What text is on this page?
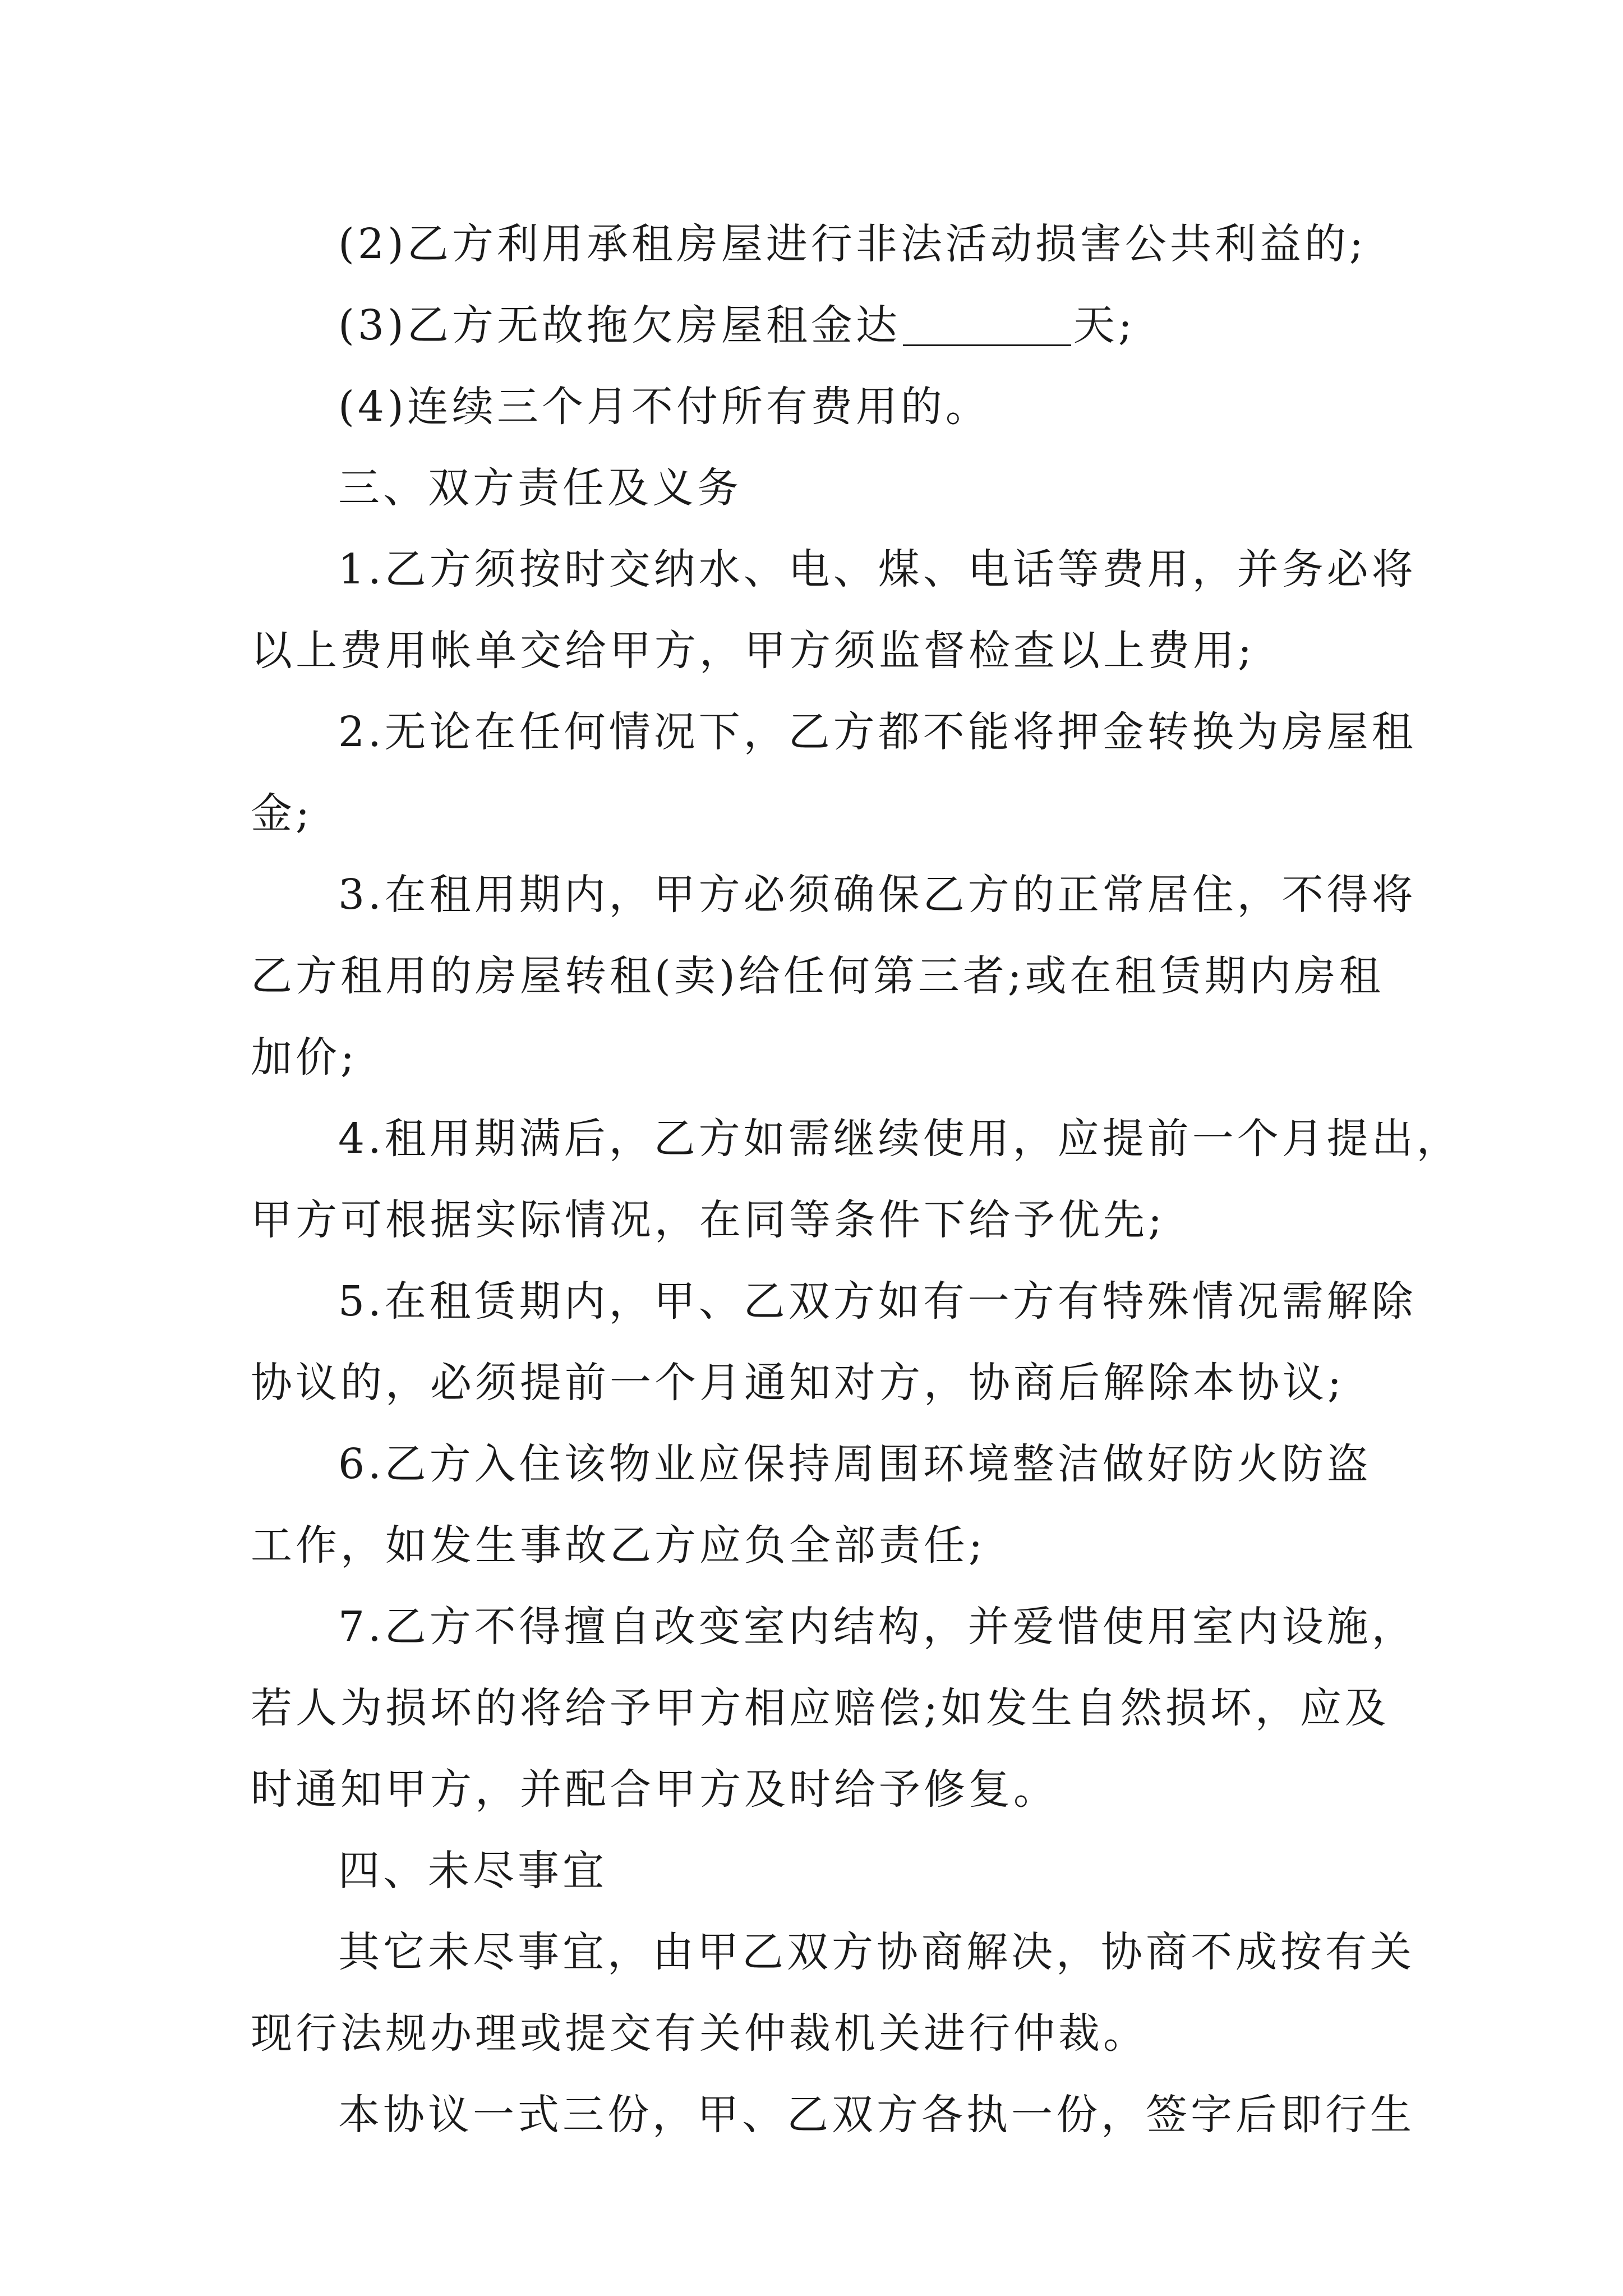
(2)乙方利用承租房屋进行非法活动损害公共利益的;
(3)乙方无故拖欠房屋租金达	天;
(4)连续三个月不付所有费用的。
三、双方责任及义务
1.乙方须按时交纳水、电、煤、电话等费用，并务必将
以上费用帐单交给甲方，甲方须监督检查以上费用;
2.无论在任何情况下，乙方都不能将押金转换为房屋租
金;
3.在租用期内，甲方必须确保乙方的正常居住，不得将
乙方租用的房屋转租(卖)给任何第三者;或在租赁期内房租
加价;
4.租用期满后，乙方如需继续使用，应提前一个月提出，
甲方可根据实际情况，在同等条件下给予优先;
5.在租赁期内，甲、乙双方如有一方有特殊情况需解除
协议的，必须提前一个月通知对方，协商后解除本协议;
6.乙方入住该物业应保持周围环境整洁做好防火防盗
工作，如发生事故乙方应负全部责任;
7.乙方不得擅自改变室内结构，并爱惜使用室内设施，
若人为损坏的将给予甲方相应赔偿;如发生自然损坏，应及
时通知甲方，并配合甲方及时给予修复。
四、未尽事宜
其它未尽事宜，由甲乙双方协商解决，协商不成按有关
现行法规办理或提交有关仲裁机关进行仲裁。
本协议一式三份，甲、乙双方各执一份，签字后即行生
